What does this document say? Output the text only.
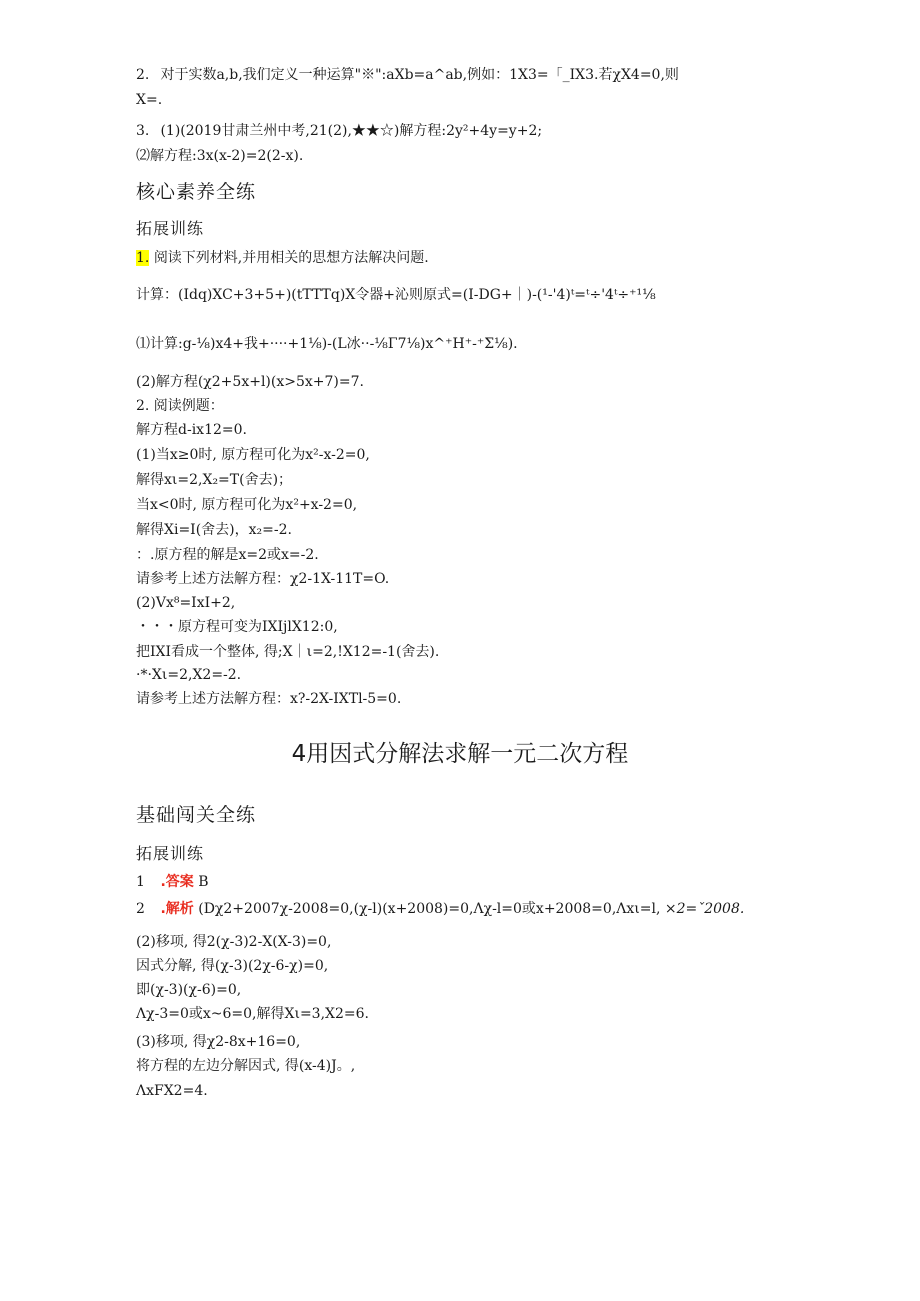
2. 对于实数a,b,我们定义一种运算"※":aXb=a^ab,例如：1X3=「_IX3.若χX4=0,则
X=.
3. (1)(2019甘肃兰州中考,21(2),★★☆)解方程:2y²+4y=y+2;
⑵解方程:3x(x-2)=2(2-x).
核心素养全练
拓展训练
1. 阅读下列材料,并用相关的思想方法解决问题.
计算：(Idq)XC+3+5+)(tTTTq)X令器+沁则原式=(I-DG+｜)-(¹-'4)ᵗ=ᵗ÷'4ᵗ÷⁺¹⅛
⑴计算:g-⅛)x4+我+····+1⅛)-(L冰··-⅛Γ7⅛)x^⁺H⁺-⁺Σ⅛).
(2)解方程(χ2+5x+l)(x>5x+7)=7.
2. 阅读例题：
解方程d-ix12=0.
(1)当x≥0时, 原方程可化为x²-x-2=0,
解得xι=2,X₂=T(舍去)；
当x<0时, 原方程可化为x²+x-2=0,
解得Xi=I(舍去)，x₂=-2.
：.原方程的解是x=2或x=-2.
请参考上述方法解方程：χ2-1X-11T=O.
(2)Vx⁸=IxI+2,
・・・原方程可变为IXIjlX12:0,
把IXI看成一个整体, 得;X｜ι=2,!X12=-1(舍去).
·*·Xι=2,X2=-2.
请参考上述方法解方程：x?-2X-IXTl-5=0.
4用因式分解法求解一元二次方程
基础闯关全练
拓展训练
1 .答案 B
2 .解析 (Dχ2+2007χ-2008=0,(χ-l)(x+2008)=0,Λχ-l=0或x+2008=0,Λxι=l, ×2=ˇ2008.
(2)移项, 得2(χ-3)2-X(X-3)=0,
因式分解, 得(χ-3)(2χ-6-χ)=0,
即(χ-3)(χ-6)=0,
Λχ-3=0或x~6=0,解得Xι=3,X2=6.
(3)移项, 得χ2-8x+16=0,
将方程的左边分解因式, 得(x-4)J。,
ΛxFX2=4.
